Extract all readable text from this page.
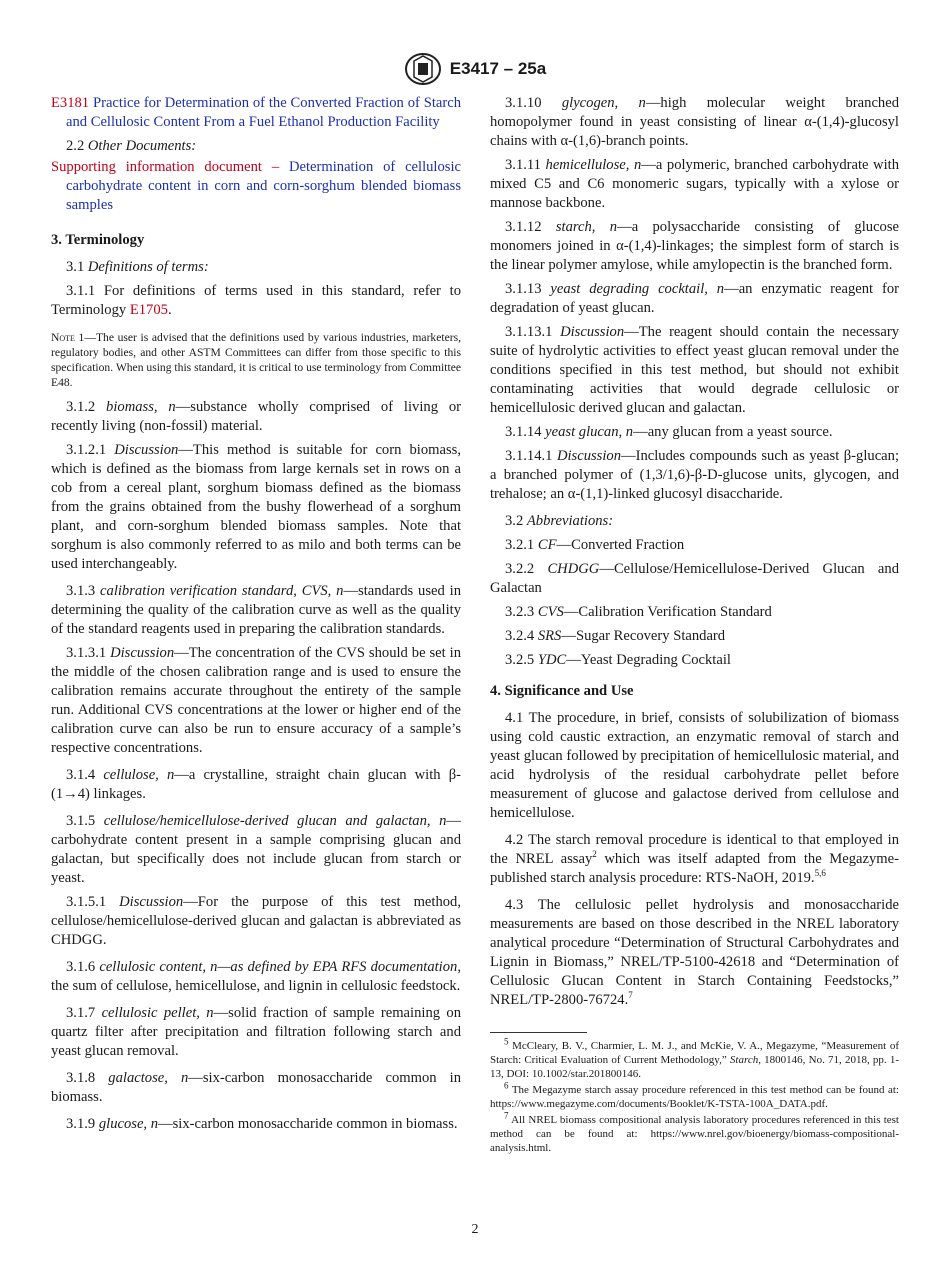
E3417 – 25a

E3181 Practice for Determination of the Converted Fraction of Starch and Cellulosic Content From a Fuel Ethanol Production Facility

2.2 Other Documents:

Supporting information document – Determination of cellulosic carbohydrate content in corn and corn-sorghum blended biomass samples

3. Terminology

3.1 Definitions of terms:

3.1.1 For definitions of terms used in this standard, refer to Terminology E1705.

Note 1—The user is advised that the definitions used by various industries, marketers, regulatory bodies, and other ASTM Committees can differ from those specific to this specification. When using this standard, it is critical to use terminology from Committee E48.

3.1.2 biomass, n—substance wholly comprised of living or recently living (non-fossil) material.

3.1.2.1 Discussion—This method is suitable for corn biomass, which is defined as the biomass from large kernals set in rows on a cob from a cereal plant, sorghum biomass defined as the biomass from the grains obtained from the bushy flowerhead of a sorghum plant, and corn-sorghum blended biomass samples. Note that sorghum is also commonly referred to as milo and both terms can be used interchangeably.

3.1.3 calibration verification standard, CVS, n—standards used in determining the quality of the calibration curve as well as the quality of the standard reagents used in preparing the calibration standards.

3.1.3.1 Discussion—The concentration of the CVS should be set in the middle of the chosen calibration range and is used to ensure the calibration remains accurate throughout the entirety of the sample run. Additional CVS concentrations at the lower or higher end of the calibration curve can also be run to ensure accuracy of a sample’s respective concentrations.

3.1.4 cellulose, n—a crystalline, straight chain glucan with β-(1→4) linkages.

3.1.5 cellulose/hemicellulose-derived glucan and galactan, n—carbohydrate content present in a sample comprising glucan and galactan, but specifically does not include glucan from starch or yeast.

3.1.5.1 Discussion—For the purpose of this test method, cellulose/hemicellulose-derived glucan and galactan is abbreviated as CHDGG.

3.1.6 cellulosic content, n—as defined by EPA RFS documentation, the sum of cellulose, hemicellulose, and lignin in cellulosic feedstock.

3.1.7 cellulosic pellet, n—solid fraction of sample remaining on quartz filter after precipitation and filtration following starch and yeast glucan removal.

3.1.8 galactose, n—six-carbon monosaccharide common in biomass.

3.1.9 glucose, n—six-carbon monosaccharide common in biomass.

3.1.10 glycogen, n—high molecular weight branched homopolymer found in yeast consisting of linear α-(1,4)-glucosyl chains with α-(1,6)-branch points.

3.1.11 hemicellulose, n—a polymeric, branched carbohydrate with mixed C5 and C6 monomeric sugars, typically with a xylose or mannose backbone.

3.1.12 starch, n—a polysaccharide consisting of glucose monomers joined in α-(1,4)-linkages; the simplest form of starch is the linear polymer amylose, while amylopectin is the branched form.

3.1.13 yeast degrading cocktail, n—an enzymatic reagent for degradation of yeast glucan.

3.1.13.1 Discussion—The reagent should contain the necessary suite of hydrolytic activities to effect yeast glucan removal under the conditions specified in this test method, but should not exhibit contaminating activities that would degrade cellulosic or hemicellulosic derived glucan and galactan.

3.1.14 yeast glucan, n—any glucan from a yeast source.

3.1.14.1 Discussion—Includes compounds such as yeast β-glucan; a branched polymer of (1,3/1,6)-β-D-glucose units, glycogen, and trehalose; an α-(1,1)-linked glucosyl disaccharide.

3.2 Abbreviations:

3.2.1 CF—Converted Fraction

3.2.2 CHDGG—Cellulose/Hemicellulose-Derived Glucan and Galactan

3.2.3 CVS—Calibration Verification Standard

3.2.4 SRS—Sugar Recovery Standard

3.2.5 YDC—Yeast Degrading Cocktail

4. Significance and Use

4.1 The procedure, in brief, consists of solubilization of biomass using cold caustic extraction, an enzymatic removal of starch and yeast glucan followed by precipitation of hemicellulosic material, and acid hydrolysis of the residual carbohydrate pellet before measurement of glucose and galactose derived from cellulose and hemicellulose.

4.2 The starch removal procedure is identical to that employed in the NREL assay$^2$ which was itself adapted from the Megazyme-published starch analysis procedure: RTS-NaOH, 2019.$^{5,6}$

4.3 The cellulosic pellet hydrolysis and monosaccharide measurements are based on those described in the NREL laboratory analytical procedure “Determination of Structural Carbohydrates and Lignin in Biomass,” NREL/TP-5100-42618 and “Determination of Cellulosic Glucan Content in Starch Containing Feedstocks,” NREL/TP-2800-76724.$^7$

$^5$ McCleary, B. V., Charmier, L. M. J., and McKie, V. A., Megazyme, “Measurement of Starch: Critical Evaluation of Current Methodology,” Starch, 1800146, No. 71, 2018, pp. 1-13, DOI: 10.1002/star.201800146.

$^6$ The Megazyme starch assay procedure referenced in this test method can be found at: https://www.megazyme.com/documents/Booklet/K-TSTA-100A_DATA.pdf.

$^7$ All NREL biomass compositional analysis laboratory procedures referenced in this test method can be found at: https://www.nrel.gov/bioenergy/biomass-compositional-analysis.html.

2
